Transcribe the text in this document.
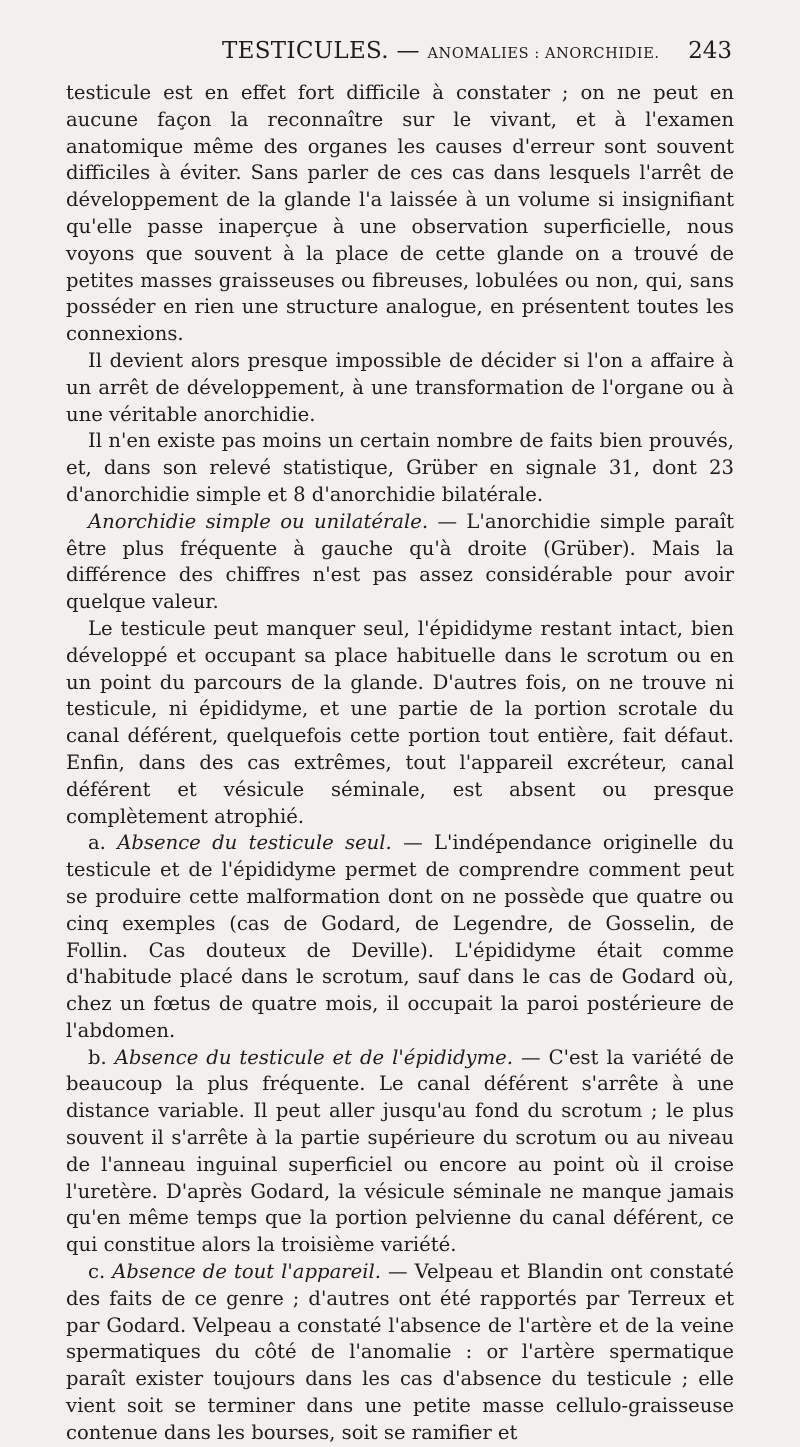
TESTICULES. — ANOMALIES : ANORCHIDIE. 243

testicule est en effet fort difficile à constater ; on ne peut en aucune façon la reconnaître sur le vivant, et à l'examen anatomique même des organes les causes d'erreur sont souvent difficiles à éviter. Sans parler de ces cas dans lesquels l'arrêt de développement de la glande l'a laissée à un volume si insignifiant qu'elle passe inaperçue à une observation superficielle, nous voyons que souvent à la place de cette glande on a trouvé de petites masses graisseuses ou fibreuses, lobulées ou non, qui, sans posséder en rien une structure analogue, en présentent toutes les connexions.

Il devient alors presque impossible de décider si l'on a affaire à un arrêt de développement, à une transformation de l'organe ou à une véritable anorchidie.

Il n'en existe pas moins un certain nombre de faits bien prouvés, et, dans son relevé statistique, Grüber en signale 31, dont 23 d'anorchidie simple et 8 d'anorchidie bilatérale.

Anorchidie simple ou unilatérale. — L'anorchidie simple paraît être plus fréquente à gauche qu'à droite (Grüber). Mais la différence des chiffres n'est pas assez considérable pour avoir quelque valeur.

Le testicule peut manquer seul, l'épididyme restant intact, bien développé et occupant sa place habituelle dans le scrotum ou en un point du parcours de la glande. D'autres fois, on ne trouve ni testicule, ni épididyme, et une partie de la portion scrotale du canal déférent, quelquefois cette portion tout entière, fait défaut. Enfin, dans des cas extrêmes, tout l'appareil excréteur, canal déférent et vésicule séminale, est absent ou presque complètement atrophié.

a. Absence du testicule seul. — L'indépendance originelle du testicule et de l'épididyme permet de comprendre comment peut se produire cette malformation dont on ne possède que quatre ou cinq exemples (cas de Godard, de Legendre, de Gosselin, de Follin. Cas douteux de Deville). L'épididyme était comme d'habitude placé dans le scrotum, sauf dans le cas de Godard où, chez un fœtus de quatre mois, il occupait la paroi postérieure de l'abdomen.

b. Absence du testicule et de l'épididyme. — C'est la variété de beaucoup la plus fréquente. Le canal déférent s'arrête à une distance variable. Il peut aller jusqu'au fond du scrotum ; le plus souvent il s'arrête à la partie supérieure du scrotum ou au niveau de l'anneau inguinal superficiel ou encore au point où il croise l'uretère. D'après Godard, la vésicule séminale ne manque jamais qu'en même temps que la portion pelvienne du canal déférent, ce qui constitue alors la troisième variété.

c. Absence de tout l'appareil. — Velpeau et Blandin ont constaté des faits de ce genre ; d'autres ont été rapportés par Terreux et par Godard. Velpeau a constaté l'absence de l'artère et de la veine spermatiques du côté de l'anomalie : or l'artère spermatique paraît exister toujours dans les cas d'absence du testicule ; elle vient soit se terminer dans une petite masse cellulo-graisseuse contenue dans les bourses, soit se ramifier et
